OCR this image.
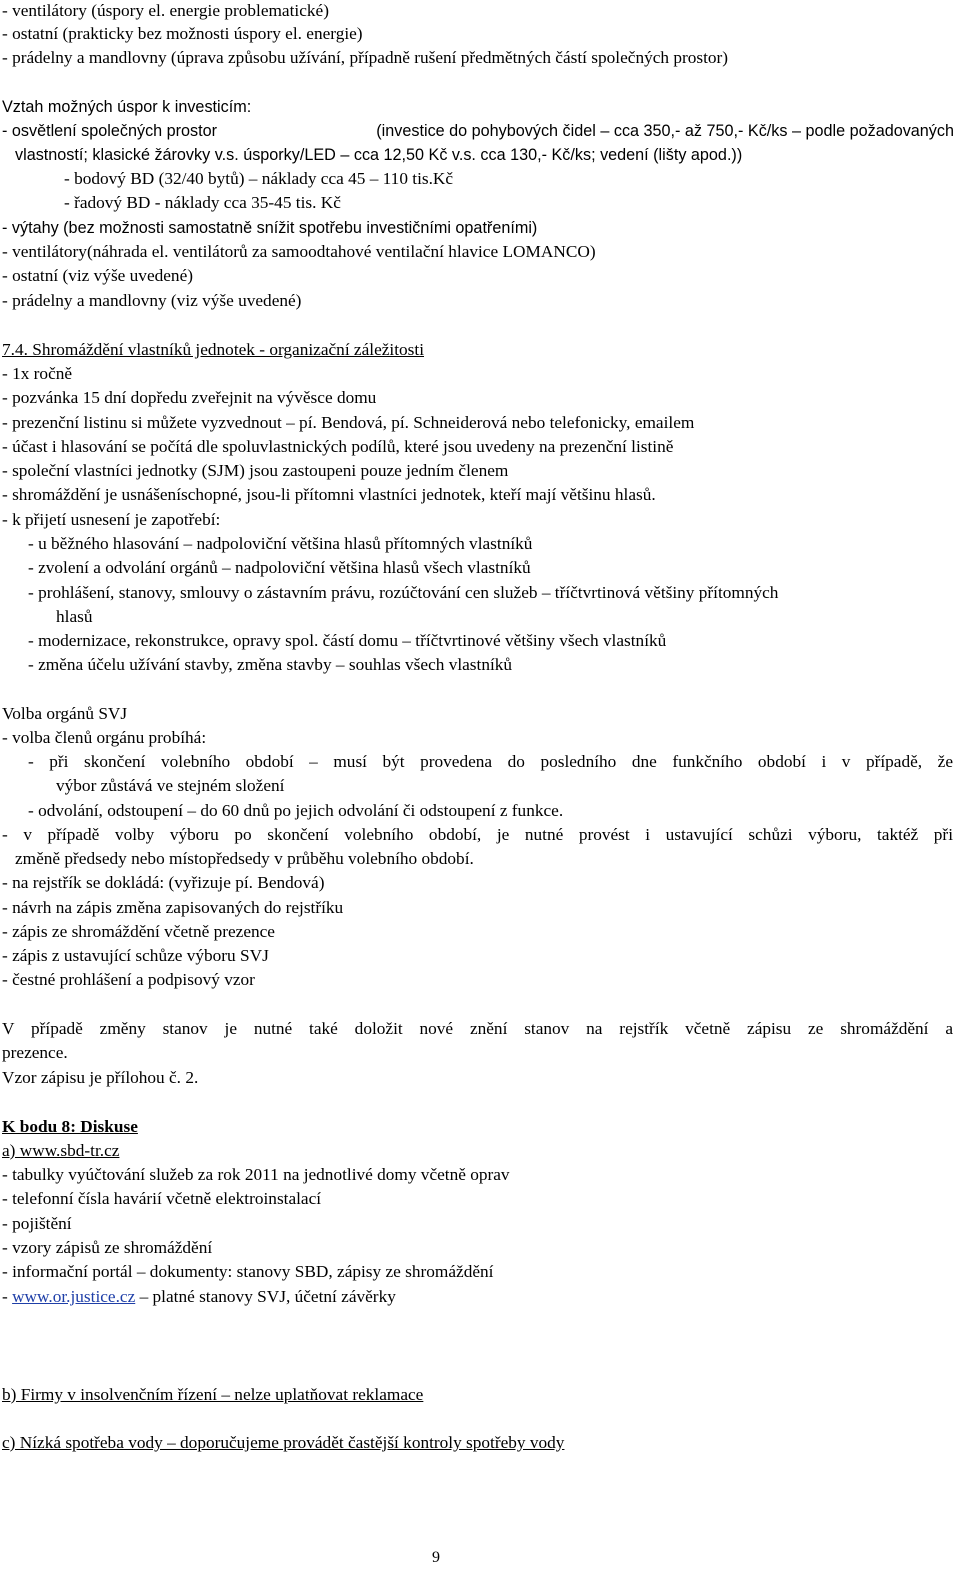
- ventilátory (úspory el. energie problematické)
- ostatní (prakticky bez možnosti úspory el. energie)
- prádelny a mandlovny (úprava způsobu užívání, případně rušení předmětných částí společných prostor)
Vztah možných úspor k investicím:
- osvětlení společných prostor	(investice do pohybových čidel – cca 350,- až 750,- Kč/ks – podle požadovaných
vlastností; klasické žárovky v.s. úsporky/LED – cca 12,50 Kč v.s. cca 130,- Kč/ks; vedení (lišty apod.))
- bodový BD (32/40 bytů) – náklady cca 45 – 110 tis.Kč
- řadový BD - náklady cca 35-45 tis. Kč
- výtahy (bez možnosti samostatně snížit spotřebu investičními opatřeními)
- ventilátory(náhrada el. ventilátorů za samoodtahové ventilační hlavice LOMANCO)
- ostatní (viz výše uvedené)
- prádelny a mandlovny (viz výše uvedené)
7.4. Shromáždění vlastníků jednotek - organizační záležitosti
- 1x ročně
- pozvánka 15 dní dopředu zveřejnit na vývěsce domu
- prezenční listinu si můžete vyzvednout – pí. Bendová, pí. Schneiderová nebo telefonicky, emailem
- účast i hlasování se počítá dle spoluvlastnických podílů, které jsou uvedeny na prezenční listině
- společní vlastníci jednotky (SJM) jsou zastoupeni pouze jedním členem
- shromáždění je usnášeníschopné, jsou-li přítomni vlastníci jednotek, kteří mají většinu hlasů.
- k přijetí usnesení je zapotřebí:
- u běžného hlasování – nadpoloviční většina hlasů přítomných vlastníků
- zvolení a odvolání orgánů – nadpoloviční většina hlasů všech vlastníků
- prohlášení, stanovy, smlouvy o zástavním právu, rozúčtování cen služeb – tříčtvrtinová většiny přítomných
hlasů
- modernizace, rekonstrukce, opravy spol. částí domu – tříčtvrtinové většiny všech vlastníků
- změna účelu užívání stavby, změna stavby – souhlas všech vlastníků
Volba orgánů SVJ
- volba členů orgánu probíhá:
- při skončení volebního období – musí být provedena do posledního dne funkčního období i v případě, že
výbor zůstává ve stejném složení
- odvolání, odstoupení – do 60 dnů po jejich odvolání či odstoupení z funkce.
- v případě volby výboru po skončení volebního období, je nutné provést i ustavující schůzi výboru, taktéž při
změně předsedy nebo místopředsedy v průběhu volebního období.
- na rejstřík se dokládá: (vyřizuje pí. Bendová)
- návrh na zápis změna zapisovaných do rejstříku
- zápis ze shromáždění včetně prezence
- zápis z ustavující schůze výboru SVJ
- čestné prohlášení a podpisový vzor
V případě změny stanov je nutné také doložit nové znění stanov na rejstřík včetně zápisu ze shromáždění a
prezence.
Vzor zápisu je přílohou č. 2.
K bodu 8: Diskuse
a) www.sbd-tr.cz
- tabulky vyúčtování služeb za rok 2011 na jednotlivé domy včetně oprav
- telefonní čísla havárií včetně elektroinstalací
- pojištění
- vzory zápisů ze shromáždění
- informační portál – dokumenty: stanovy SBD, zápisy ze shromáždění
- www.or.justice.cz – platné stanovy SVJ, účetní závěrky
b) Firmy v insolvenčním řízení – nelze uplatňovat reklamace
c) Nízká spotřeba vody – doporučujeme provádět častější kontroly spotřeby vody
9
